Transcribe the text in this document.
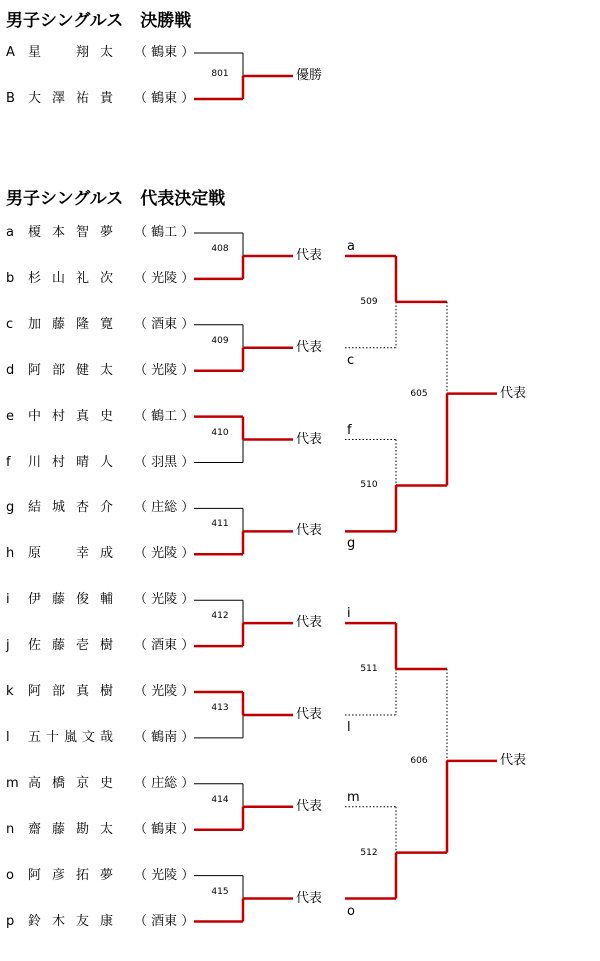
男子シングルス　決勝戦
男子シングルス　代表決定戦
A 星	翔 太 （ 鶴東 ）
B 大 澤 祐 貴 （ 鶴東 ）
801	優勝
a 榎 本 智 夢 （ 鶴工 ）
b 杉 山 礼 次 （ 光陵 ）
c 加 藤 隆 寛 （ 酒東 ）
d 阿 部 健 太 （ 光陵 ）
e 中 村 真 史 （ 鶴工 ）
f 川 村 晴 人 （ 羽黒 ）
g 結 城 杏 介 （ 庄総 ）
h 原	幸 成 （ 光陵 ）
i 伊 藤 俊 輔 （ 光陵 ）
j 佐 藤 壱 樹 （ 酒東 ）
k 阿 部 真 樹 （ 光陵 ）
l 五 十 嵐 文 哉 （ 鶴南 ）
m 高 橋 京 史 （ 庄総 ）
n 齋 藤 勘 太 （ 鶴東 ）
o 阿 彦 拓 夢 （ 光陵 ）
p 鈴 木 友 康 （ 酒東 ）
408	代表
409	代表
410	代表
411	代表
412	代表
413	代表
414	代表
415	代表
a
c
509
f
g
510
i
l
511
m
o
512
605	代表
606	代表
